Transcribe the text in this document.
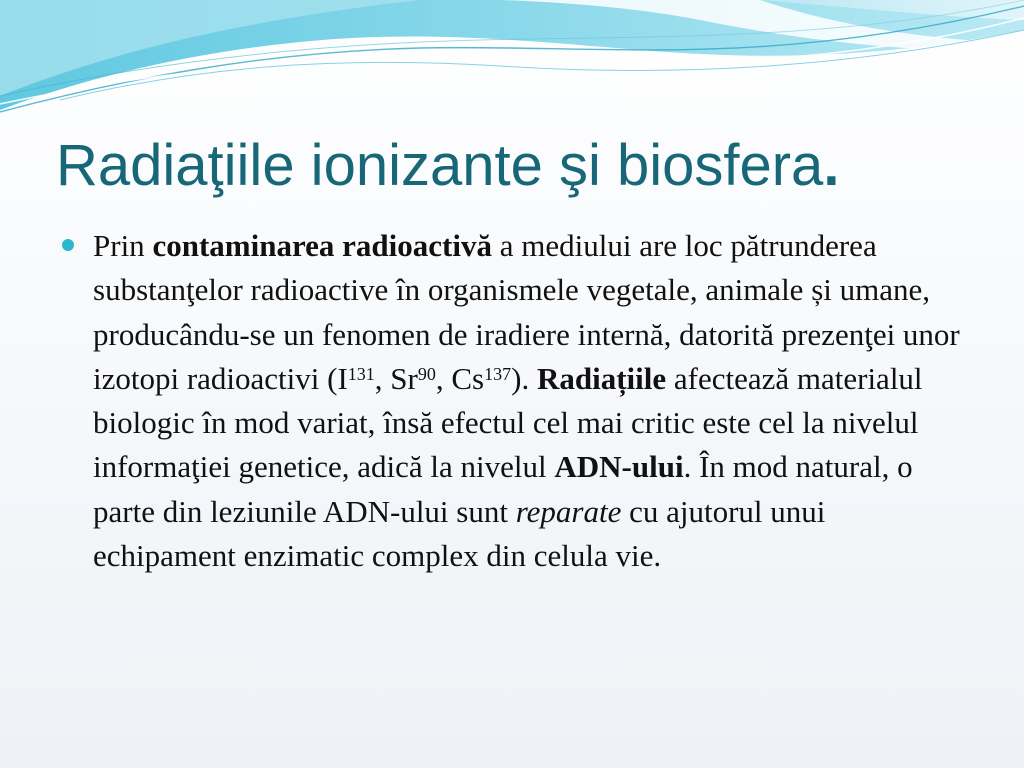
Radiaţiile ionizante şi biosfera.

Prin contaminarea radioactivă a mediului are loc pătrunderea substanţelor radioactive în organismele vegetale, animale și umane, producându-se un fenomen de iradiere internă, datorită prezenţei unor izotopi radioactivi ($I^{131}$, Sr$^{90}$, Cs$^{137}$). Radiațiile afectează materialul biologic în mod variat, însă efectul cel mai critic este cel la nivelul informaţiei genetice, adică la nivelul ADN-ului. În mod natural, o parte din leziunile ADN-ului sunt reparate cu ajutorul unui echipament enzimatic complex din celula vie.
